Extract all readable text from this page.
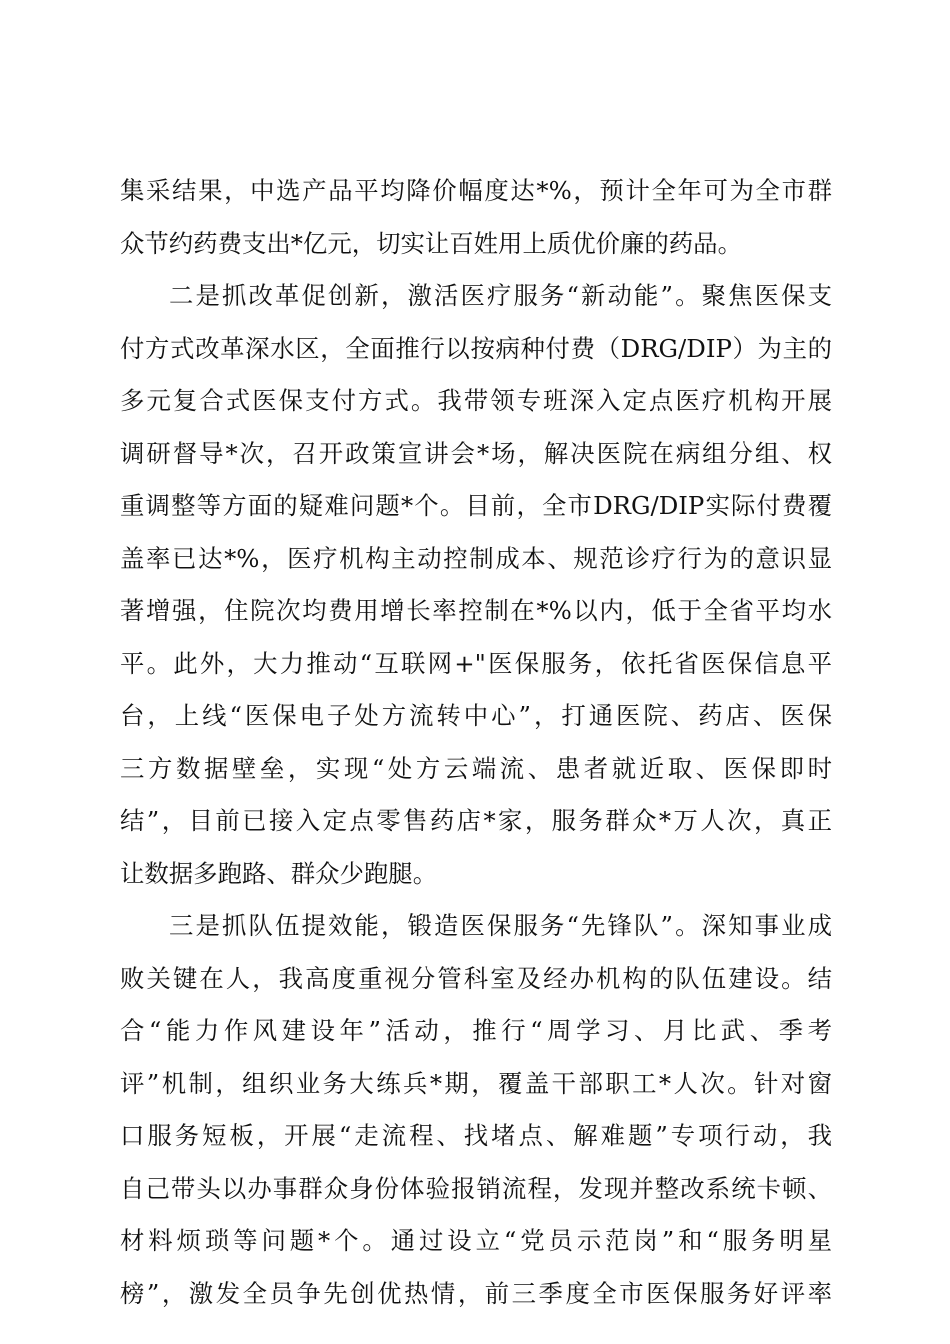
集采结果，中选产品平均降价幅度达*%，预计全年可为全市群
众节约药费支出*亿元，切实让百姓用上质优价廉的药品。
二是抓改革促创新，激活医疗服务“新动能”。聚焦医保支
付方式改革深水区，全面推行以按病种付费（DRG/DIP）为主的
多元复合式医保支付方式。我带领专班深入定点医疗机构开展
调研督导*次，召开政策宣讲会*场，解决医院在病组分组、权
重调整等方面的疑难问题*个。目前，全市DRG/DIP实际付费覆
盖率已达*%，医疗机构主动控制成本、规范诊疗行为的意识显
著增强，住院次均费用增长率控制在*%以内，低于全省平均水
平。此外，大力推动“互联网+"医保服务，依托省医保信息平
台，上线“医保电子处方流转中心”，打通医院、药店、医保
三方数据壁垒，实现“处方云端流、患者就近取、医保即时
结”，目前已接入定点零售药店*家，服务群众*万人次，真正
让数据多跑路、群众少跑腿。
三是抓队伍提效能，锻造医保服务“先锋队”。深知事业成
败关键在人，我高度重视分管科室及经办机构的队伍建设。结
合“能力作风建设年”活动，推行“周学习、月比武、季考
评”机制，组织业务大练兵*期，覆盖干部职工*人次。针对窗
口服务短板，开展“走流程、找堵点、解难题”专项行动，我
自己带头以办事群众身份体验报销流程，发现并整改系统卡顿、
材料烦琐等问题*个。通过设立“党员示范岗”和“服务明星
榜”，激发全员争先创优热情，前三季度全市医保服务好评率
